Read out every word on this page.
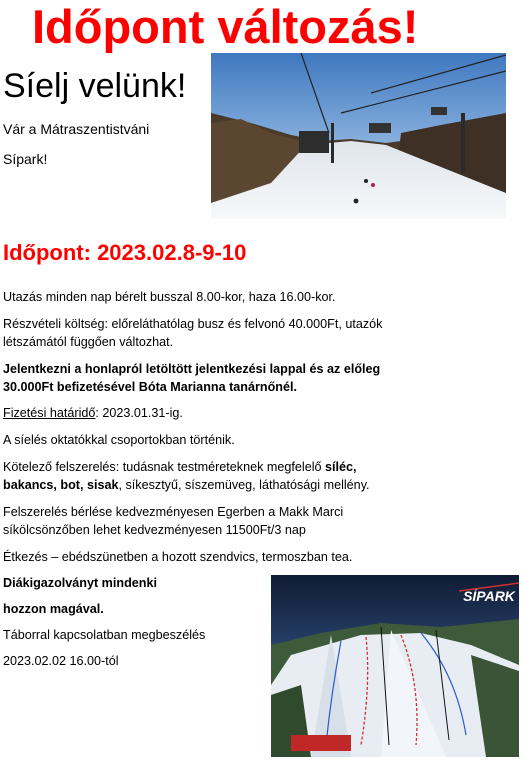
Időpont változás!
Síelj velünk!
Vár a Mátraszentistváni
Sípark!
Időpont: 2023.02.8-9-10
Utazás minden nap bérelt busszal 8.00-kor, haza 16.00-kor.
Részvételi költség: előreláthatólag busz és felvonó 40.000Ft, utazók
létszámától függően változhat.
Jelentkezni a honlapról letöltött jelentkezési lappal és az előleg
30.000Ft befizetésével Bóta Marianna tanárnőnél.
Fizetési határidő: 2023.01.31-ig.
A síelés oktatókkal csoportokban történik.
Kötelező felszerelés: tudásnak testméreteknek megfelelő síléc,
bakancs, bot, sisak, síkesztyű, síszemüveg, láthatósági mellény.
Felszerelés bérlése kedvezményesen Egerben a Makk Marci
síkölcsönzőben lehet kedvezményesen 11500Ft/3 nap
Étkezés – ebédszünetben a hozott szendvics, termoszban tea.
Diákigazolványt mindenki
hozzon magával.
Táborral kapcsolatban megbeszélés
2023.02.02 16.00-tól
SÍPARK
